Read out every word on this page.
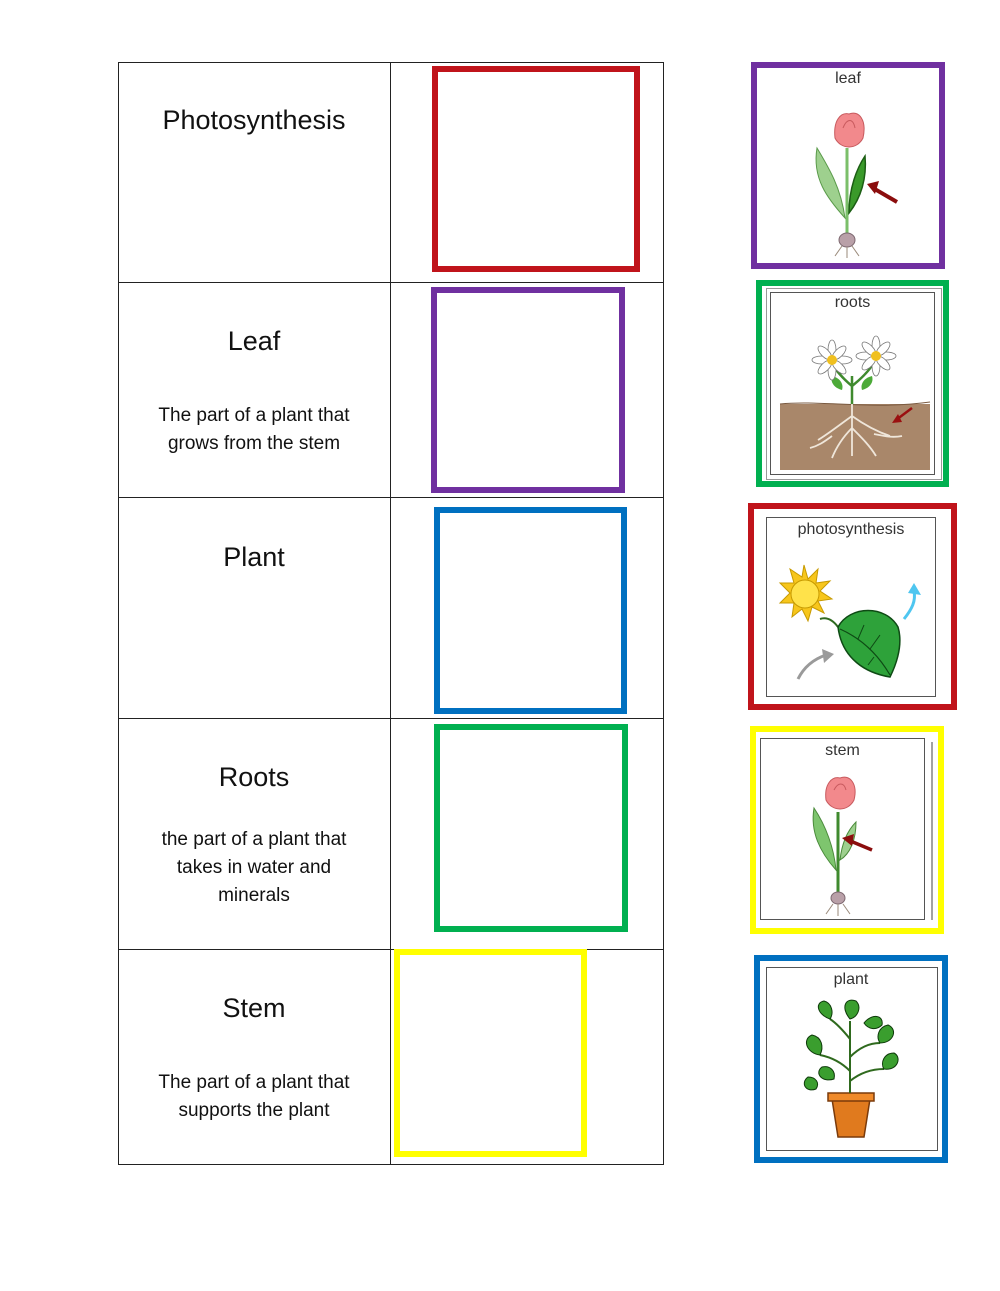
Photosynthesis
Leaf
The part of a plant that grows from the stem
Plant
Roots
the part of a plant that takes in water and minerals
Stem
The part of a plant that supports the plant
leaf
roots
photosynthesis
stem
plant
